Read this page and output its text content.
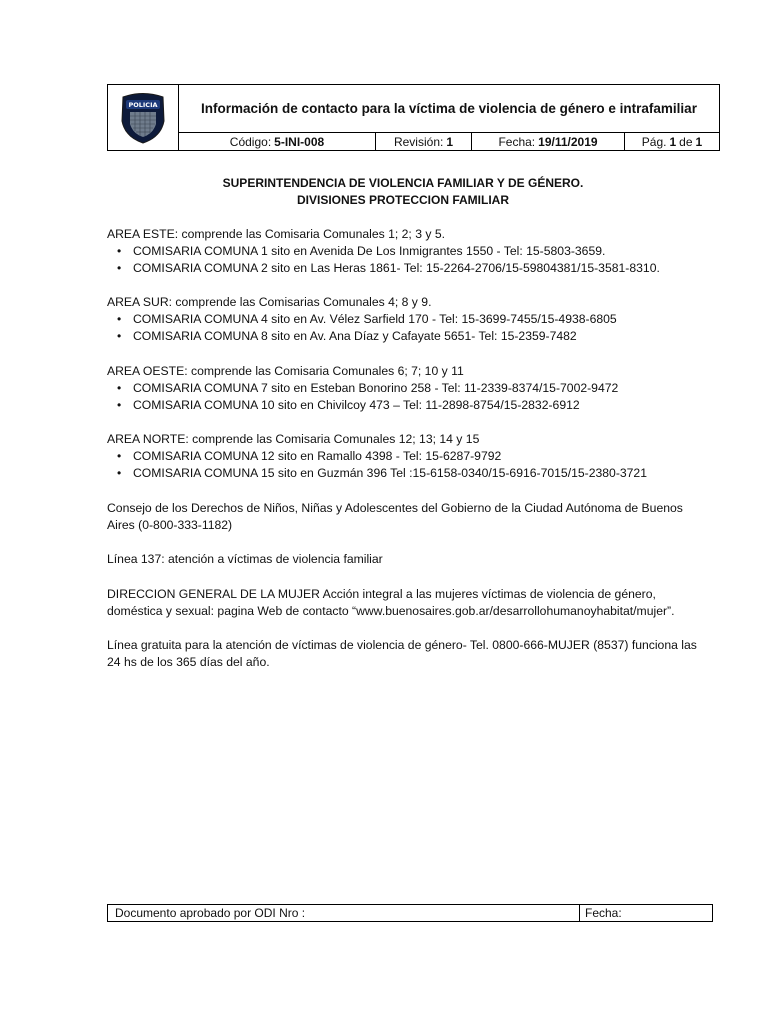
POLICIA	Información de contacto para la víctima de violencia de género e intrafamiliar
Código: 5-INI-008	Revisión: 1	Fecha: 19/11/2019	Pág. 1 de 1
SUPERINTENDENCIA DE VIOLENCIA FAMILIAR Y DE GÉNERO.
DIVISIONES PROTECCION FAMILIAR

AREA ESTE: comprende las Comisaria Comunales 1; 2; 3 y 5.

• COMISARIA COMUNA 1 sito en Avenida De Los Inmigrantes 1550 - Tel: 15-5803-3659.
• COMISARIA COMUNA 2 sito en Las Heras 1861- Tel: 15-2264-2706/15-59804381/15-3581-8310.

AREA SUR: comprende las Comisarias Comunales 4; 8 y 9.

• COMISARIA COMUNA 4 sito en Av. Vélez Sarfield 170 - Tel: 15-3699-7455/15-4938-6805
• COMISARIA COMUNA 8 sito en Av. Ana Díaz y Cafayate 5651- Tel: 15-2359-7482

AREA OESTE: comprende las Comisaria Comunales 6; 7; 10 y 11

• COMISARIA COMUNA 7 sito en Esteban Bonorino 258 - Tel: 11-2339-8374/15-7002-9472
• COMISARIA COMUNA 10 sito en Chivilcoy 473 – Tel: 11-2898-8754/15-2832-6912

AREA NORTE: comprende las Comisaria Comunales 12; 13; 14 y 15

• COMISARIA COMUNA 12 sito en Ramallo 4398 - Tel: 15-6287-9792
• COMISARIA COMUNA 15 sito en Guzmán 396 Tel :15-6158-0340/15-6916-7015/15-2380-3721
Consejo de los Derechos de Niños, Niñas y Adolescentes del Gobierno de la Ciudad Autónoma de Buenos Aires (0-800-333-1182)
Línea 137: atención a víctimas de violencia familiar
DIRECCION GENERAL DE LA MUJER Acción integral a las mujeres víctimas de violencia de género, doméstica y sexual: pagina Web de contacto “www.buenosaires.gob.ar/desarrollohumanoyhabitat/mujer”.
Línea gratuita para la atención de víctimas de violencia de género- Tel. 0800-666-MUJER (8537) funciona las 24 hs de los 365 días del año.
Documento aprobado por ODI Nro :	Fecha:
